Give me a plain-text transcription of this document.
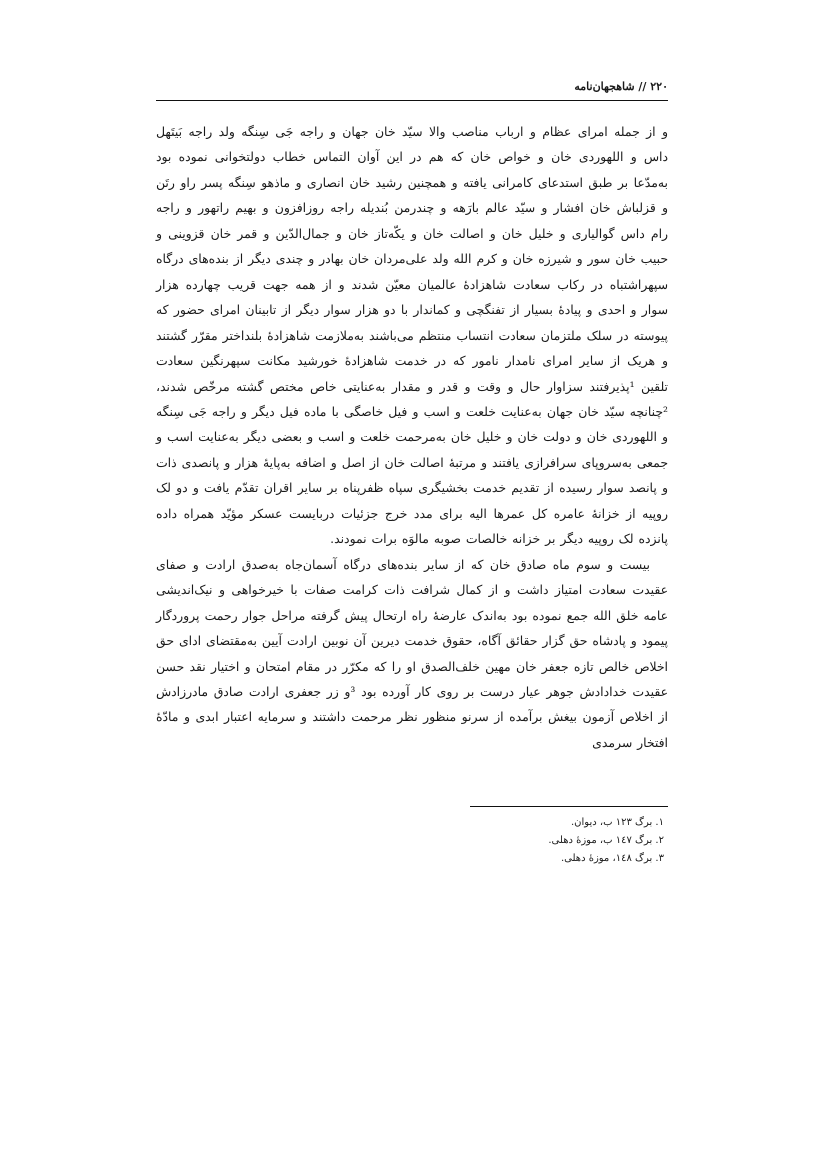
۲۲۰ // شاهجهان‌نامه

و از جمله امرای عظام و ارباب مناصب والا سیّد خان جهان و راجه جَی سِنگه ولد راجه بَیتَهل داس و اللهوردی خان و خواص خان که هم در این آوان التماس خطاب دولتخوانی نموده بود به‌مدّعا بر طبق استدعای کامرانی یافته و همچنین رشید خان انصاری و ماذهو سِنگه پسر راو رتَن و قزلباش خان افشار و سیّد عالم بارَهه و چندرمن بُندیله راجه روزافزون و بهیم راتهور و راجه رام داس گوالیاری و خلیل خان و اصالت خان و یکّه‌تاز خان و جمال‌الدّین و قمر خان قزوینی و حبیب خان سور و شیرزه خان و کرم الله ولد علی‌مردان خان بهادر و چندی دیگر از بنده‌های درگاه سپهراشتباه در رکاب سعادت شاهزادهٔ عالمیان معیّن شدند و از همه جهت قریب چهارده هزار سوار و احدی و پیادهٔ بسیار از تفنگچی و کماندار با دو هزار سوار دیگر از تابینان امرای حضور که پیوسته در سلک ملتزمان سعادت انتساب منتظم می‌باشند به‌ملازمت شاهزادهٔ بلنداختر مقرّر گشتند و هریک از سایر امرای نامدار نامور که در خدمت شاهزادهٔ خورشید مکانت سپهرنگین سعادت تلقین ¹پذیرفتند سزاوار حال و وقت و قدر و مقدار به‌عنایتی خاص مختص گشته مرخّص شدند، ²چنانچه سیّد خان جهان به‌عنایت خلعت و اسب و فیل خاصگی با ماده فیل دیگر و راجه جَی سِنگه و اللهوردی خان و دولت خان و خلیل خان به‌مرحمت خلعت و اسب و بعضی دیگر به‌عنایت اسب و جمعی به‌سروپای سرافرازی یافتند و مرتبهٔ اصالت خان از اصل و اضافه به‌پایهٔ هزار و پانصدی ذات و پانصد سوار رسیده از تقدیم خدمت بخشیگری سپاه ظفرپناه بر سایر اقران تقدّم یافت و دو لک روپیه از خزانهٔ عامره کل عمرها الیه برای مدد خرج جزئیات دربایست عسکر مؤیّد همراه داده پانزده لک روپیه دیگر بر خزانه خالصات صوبه مالوَه برات نمودند.

بیست و سوم ماه صادق خان که از سایر بنده‌های درگاه آسمان‌جاه به‌صدق ارادت و صفای عقیدت سعادت امتیاز داشت و از کمال شرافت ذات کرامت صفات با خیرخواهی و نیک‌اندیشی عامه خلق الله جمع نموده بود به‌اندک عارضهٔ راه ارتحال پیش گرفته مراحل جوار رحمت پروردگار پیمود و پادشاه حق گزار حقائق آگاه، حقوق خدمت دیرین آن نوبین ارادت آیین به‌مقتضای ادای حق اخلاص خالص تازه جعفر خان مهین خلف‌الصدق او را که مکرّر در مقام امتحان و اختیار نقد حسن عقیدت خدادادش جوهر عیار درست بر روی کار آورده بود ³و زر جعفری ارادت صادق مادرزادش از اخلاص آزمون بیغش برآمده از سرنو منظور نظر مرحمت داشتند و سرمایه اعتبار ابدی و مادّهٔ افتخار سرمدی

۱. برگ ۱۲۳ ب، دیوان.
۲. برگ ۱٤۷ ب، موزهٔ دهلی.
۳. برگ ۱٤۸، موزهٔ دهلی.
